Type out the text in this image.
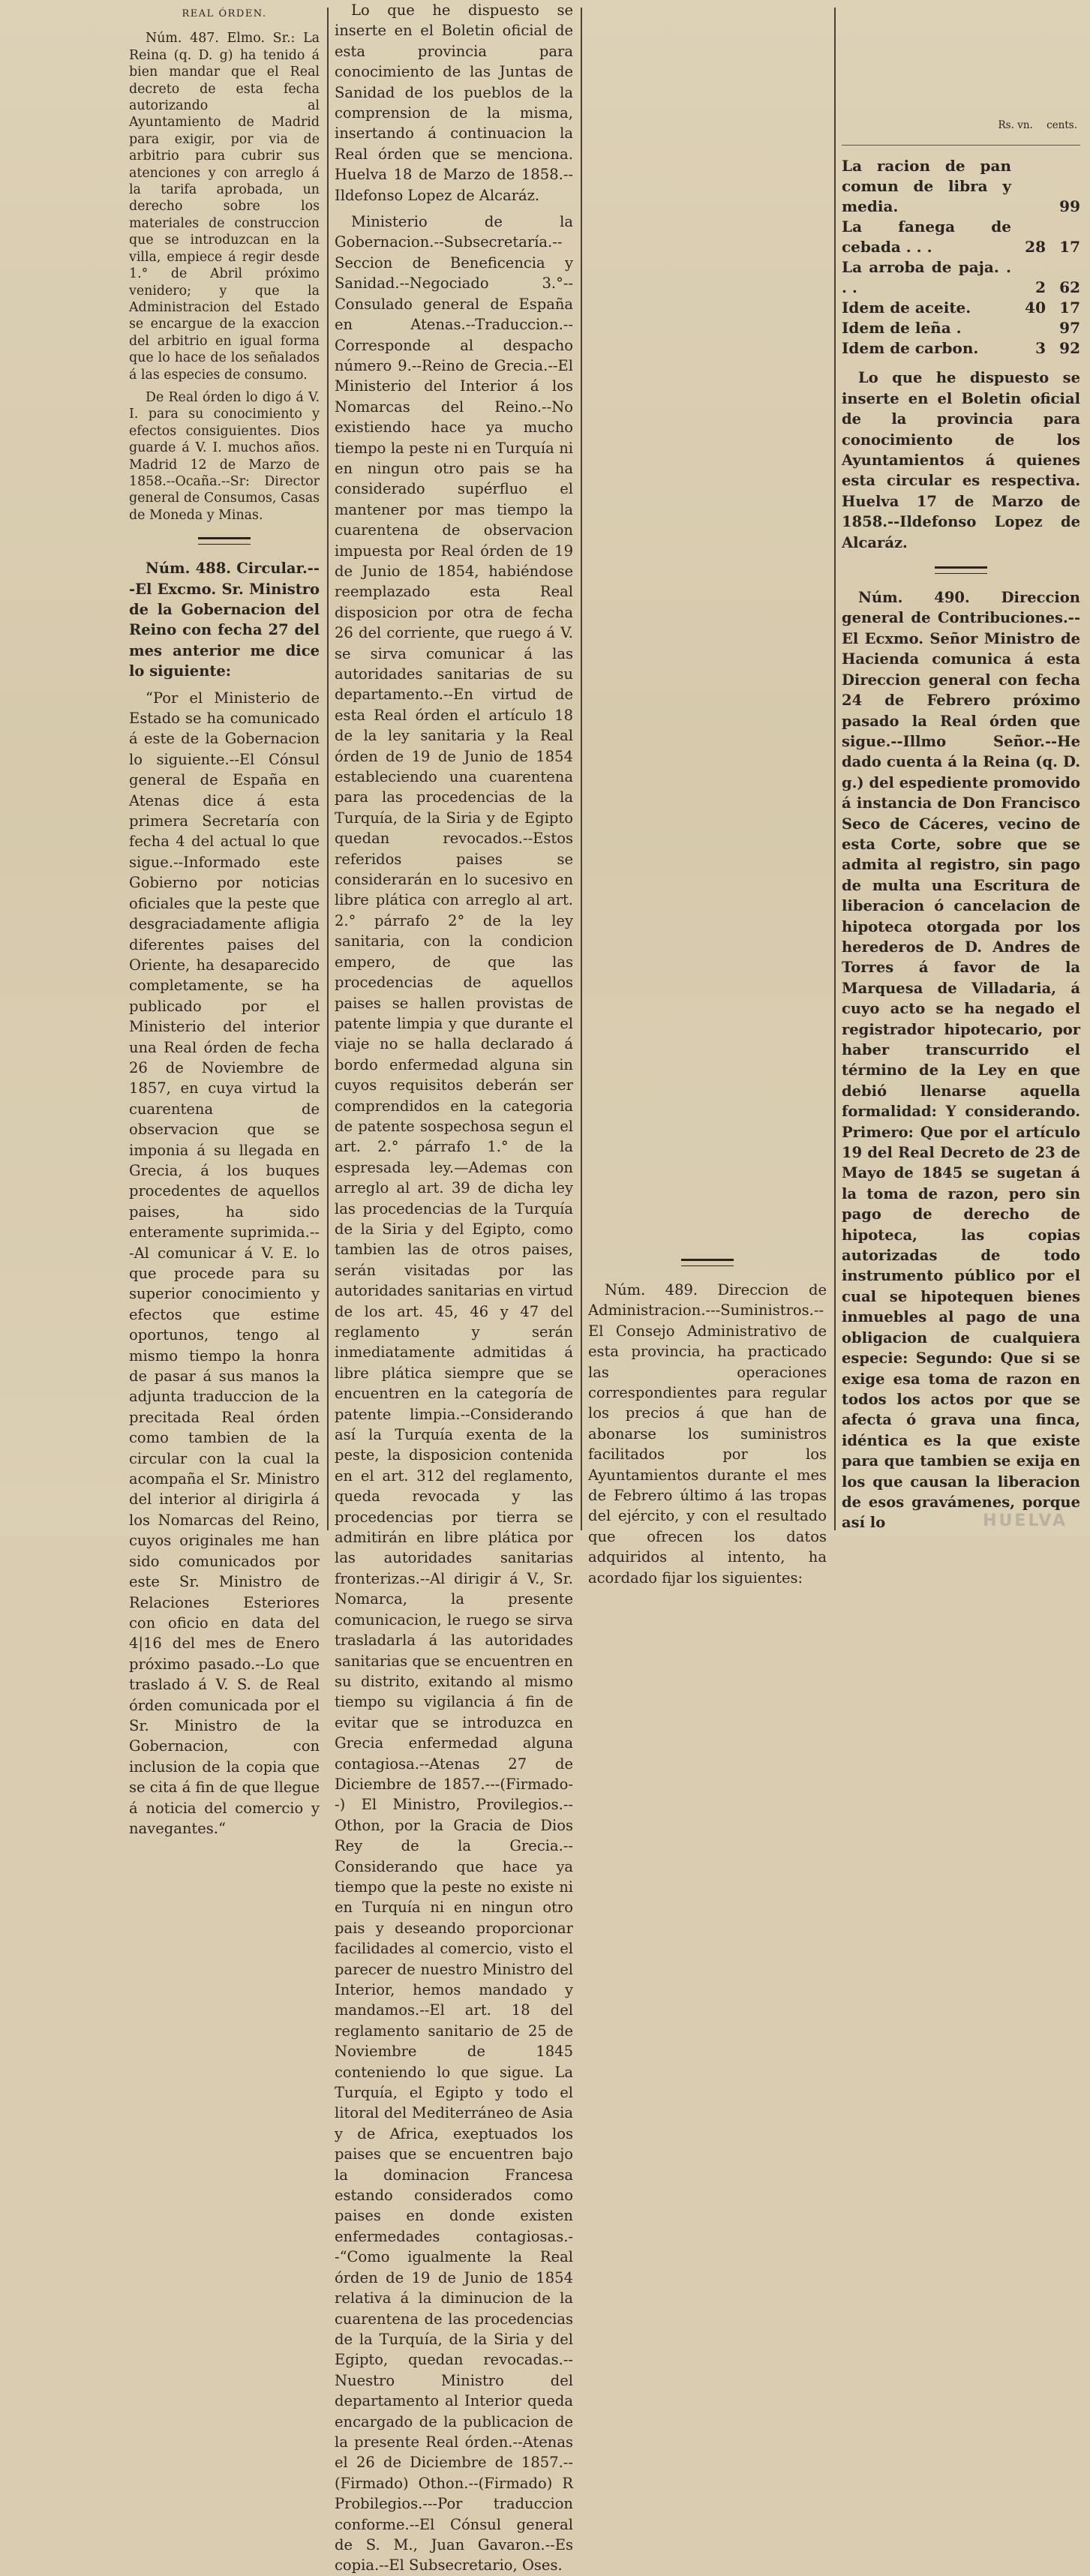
REAL ÓRDEN.

Núm. 487. Elmo. Sr.: La Reina (q. D. g) ha tenido á bien mandar que el Real decreto de esta fecha autorizando al Ayuntamiento de Madrid para exigir, por via de arbitrio para cubrir sus atenciones y con arreglo á la tarifa aprobada, un derecho sobre los materiales de construccion que se introduzcan en la villa, empiece á regir desde 1.° de Abril próximo venidero; y que la Administracion del Estado se encargue de la exaccion del arbitrio en igual forma que lo hace de los señalados á las especies de consumo.

De Real órden lo digo á V. I. para su conocimiento y efectos consiguientes. Dios guarde á V. I. muchos años. Madrid 12 de Marzo de 1858.--Ocaña.--Sr: Director general de Consumos, Casas de Moneda y Minas.

Núm. 488. Circular.---El Excmo. Sr. Ministro de la Gobernacion del Reino con fecha 27 del mes anterior me dice lo siguiente:

“Por el Ministerio de Estado se ha comunicado á este de la Gobernacion lo siguiente.--El Cónsul general de España en Atenas dice á esta primera Secretaría con fecha 4 del actual lo que sigue.--Informado este Gobierno por noticias oficiales que la peste que desgraciadamente afligia diferentes paises del Oriente, ha desaparecido completamente, se ha publicado por el Ministerio del interior una Real órden de fecha 26 de Noviembre de 1857, en cuya virtud la cuarentena de observacion que se imponia á su llegada en Grecia, á los buques procedentes de aquellos paises, ha sido enteramente suprimida.---Al comunicar á V. E. lo que procede para su superior conocimiento y efectos que estime oportunos, tengo al mismo tiempo la honra de pasar á sus manos la adjunta traduccion de la precitada Real órden como tambien de la circular con la cual la acompaña el Sr. Ministro del interior al dirigirla á los Nomarcas del Reino, cuyos originales me han sido comunicados por este Sr. Ministro de Relaciones Esteriores con oficio en data del 4|16 del mes de Enero próximo pasado.--Lo que traslado á V. S. de Real órden comunicada por el Sr. Ministro de la Gobernacion, con inclusion de la copia que se cita á fin de que llegue á noticia del comercio y navegantes.“

Lo que he dispuesto se inserte en el Boletin oficial de esta provincia para conocimiento de las Juntas de Sanidad de los pueblos de la comprension de la misma, insertando á continuacion la Real órden que se menciona. Huelva 18 de Marzo de 1858.--Ildefonso Lopez de Alcaráz.

Ministerio de la Gobernacion.--Subsecretaría.--Seccion de Beneficencia y Sanidad.--Negociado 3.°--Consulado general de España en Atenas.--Traduccion.--Corresponde al despacho número 9.--Reino de Grecia.--El Ministerio del Interior á los Nomarcas del Reino.--No existiendo hace ya mucho tiempo la peste ni en Turquía ni en ningun otro pais se ha considerado supérfluo el mantener por mas tiempo la cuarentena de observacion impuesta por Real órden de 19 de Junio de 1854, habiéndose reemplazado esta Real disposicion por otra de fecha 26 del corriente, que ruego á V. se sirva comunicar á las autoridades sanitarias de su departamento.--En virtud de esta Real órden el artículo 18 de la ley sanitaria y la Real órden de 19 de Junio de 1854 estableciendo una cuarentena para las procedencias de la Turquía, de la Siria y de Egipto quedan revocados.--Estos referidos paises se considerarán en lo sucesivo en libre plática con arreglo al art. 2.° párrafo 2° de la ley sanitaria, con la condicion empero, de que las procedencias de aquellos paises se hallen provistas de patente limpia y que durante el viaje no se halla declarado á bordo enfermedad alguna sin cuyos requisitos deberán ser comprendidos en la categoria de patente sospechosa segun el art. 2.° párrafo 1.° de la espresada ley.—Ademas con arreglo al art. 39 de dicha ley las procedencias de la Turquía de la Siria y del Egipto, como tambien las de otros paises, serán visitadas por las autoridades sanitarias en virtud de los art. 45, 46 y 47 del reglamento y serán inmediatamente admitidas á libre plática siempre que se encuentren en la categoría de patente limpia.--Considerando así la Turquía exenta de la peste, la disposicion contenida en el art. 312 del reglamento, queda revocada y las procedencias por tierra se admitirán en libre plática por las autoridades sanitarias fronterizas.--Al dirigir á V., Sr. Nomarca, la presente comunicacion, le ruego se sirva trasladarla á las autoridades sanitarias que se encuentren en su distrito, exitando al mismo tiempo su vigilancia á fin de evitar que se introduzca en Grecia enfermedad alguna contagiosa.--Atenas 27 de Diciembre de 1857.---(Firmado--) El Ministro, Provilegios.--Othon, por la Gracia de Dios Rey de la Grecia.--Considerando que hace ya tiempo que la peste no existe ni en Turquía ni en ningun otro pais y deseando proporcionar facilidades al comercio, visto el parecer de nuestro Ministro del Interior, hemos mandado y mandamos.--El art. 18 del reglamento sanitario de 25 de Noviembre de 1845 conteniendo lo que sigue. La Turquía, el Egipto y todo el litoral del Mediterráneo de Asia y de Africa, exeptuados los paises que se encuentren bajo la dominacion Francesa estando considerados como paises en donde existen enfermedades contagiosas.--“Como igualmente la Real órden de 19 de Junio de 1854 relativa á la diminucion de la cuarentena de las procedencias de la Turquía, de la Siria y del Egipto, quedan revocadas.--Nuestro Ministro del departamento al Interior queda encargado de la publicacion de la presente Real órden.--Atenas el 26 de Diciembre de 1857.--(Firmado) Othon.--(Firmado) R Probilegios.---Por traduccion conforme.--El Cónsul general de S. M., Juan Gavaron.--Es copia.--El Subsecretario, Oses.

Núm. 489. Direccion de Administracion.---Suministros.--El Consejo Administrativo de esta provincia, ha practicado las operaciones correspondientes para regular los precios á que han de abonarse los suministros facilitados por los Ayuntamientos durante el mes de Febrero último á las tropas del ejército, y con el resultado que ofrecen los datos adquiridos al intento, ha acordado fijar los siguientes:

Rs. vn. cents.
La racion de pan comun de libra y media.		99
La fanega de cebada . . .	28	17
La arroba de paja. . . .	2	62
Idem de aceite.	40	17
Idem de leña .		97
Idem de carbon.	3	92

Lo que he dispuesto se inserte en el Boletin oficial de la provincia para conocimiento de los Ayuntamientos á quienes esta circular es respectiva. Huelva 17 de Marzo de 1858.--Ildefonso Lopez de Alcaráz.

Núm. 490. Direccion general de Contribuciones.--El Ecxmo. Señor Ministro de Hacienda comunica á esta Direccion general con fecha 24 de Febrero próximo pasado la Real órden que sigue.--Illmo Señor.--He dado cuenta á la Reina (q. D. g.) del espediente promovido á instancia de Don Francisco Seco de Cáceres, vecino de esta Corte, sobre que se admita al registro, sin pago de multa una Escritura de liberacion ó cancelacion de hipoteca otorgada por los herederos de D. Andres de Torres á favor de la Marquesa de Villadaria, á cuyo acto se ha negado el registrador hipotecario, por haber transcurrido el término de la Ley en que debió llenarse aquella formalidad: Y considerando. Primero: Que por el artículo 19 del Real Decreto de 23 de Mayo de 1845 se sugetan á la toma de razon, pero sin pago de derecho de hipoteca, las copias autorizadas de todo instrumento público por el cual se hipotequen bienes inmuebles al pago de una obligacion de cualquiera especie: Segundo: Que si se exige esa toma de razon en todos los actos por que se afecta ó grava una finca, idéntica es la que existe para que tambien se exija en los que causan la liberacion de esos gravámenes, porque así lo	HUELVA
